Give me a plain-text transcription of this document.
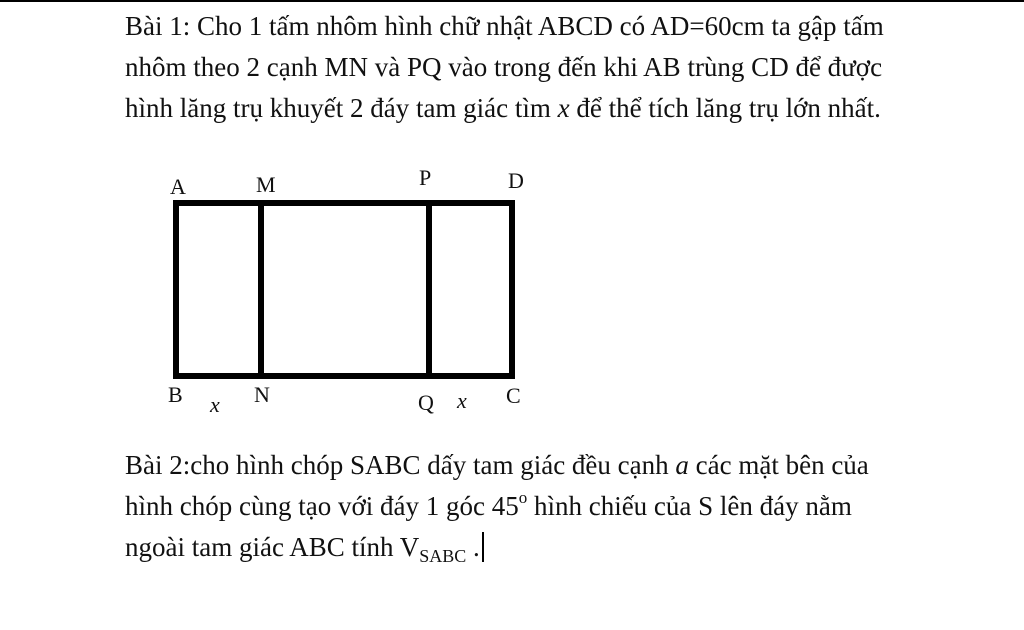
Bài 1: Cho 1 tấm nhôm hình chữ nhật ABCD có AD=60cm ta gập tấm
nhôm theo 2 cạnh MN và PQ vào trong đến khi AB trùng CD để được
hình lăng trụ khuyết 2 đáy tam giác tìm x để thể tích lăng trụ lớn nhất.
A	M	P	D
B x N	Q x C
Bài 2:cho hình chóp SABC dấy tam giác đều cạnh a các mặt bên của
hình chóp cùng tạo với đáy 1 góc 45$^o$ hình chiếu của S lên đáy nằm
ngoài tam giác ABC tính $V_{SABC}$ .
